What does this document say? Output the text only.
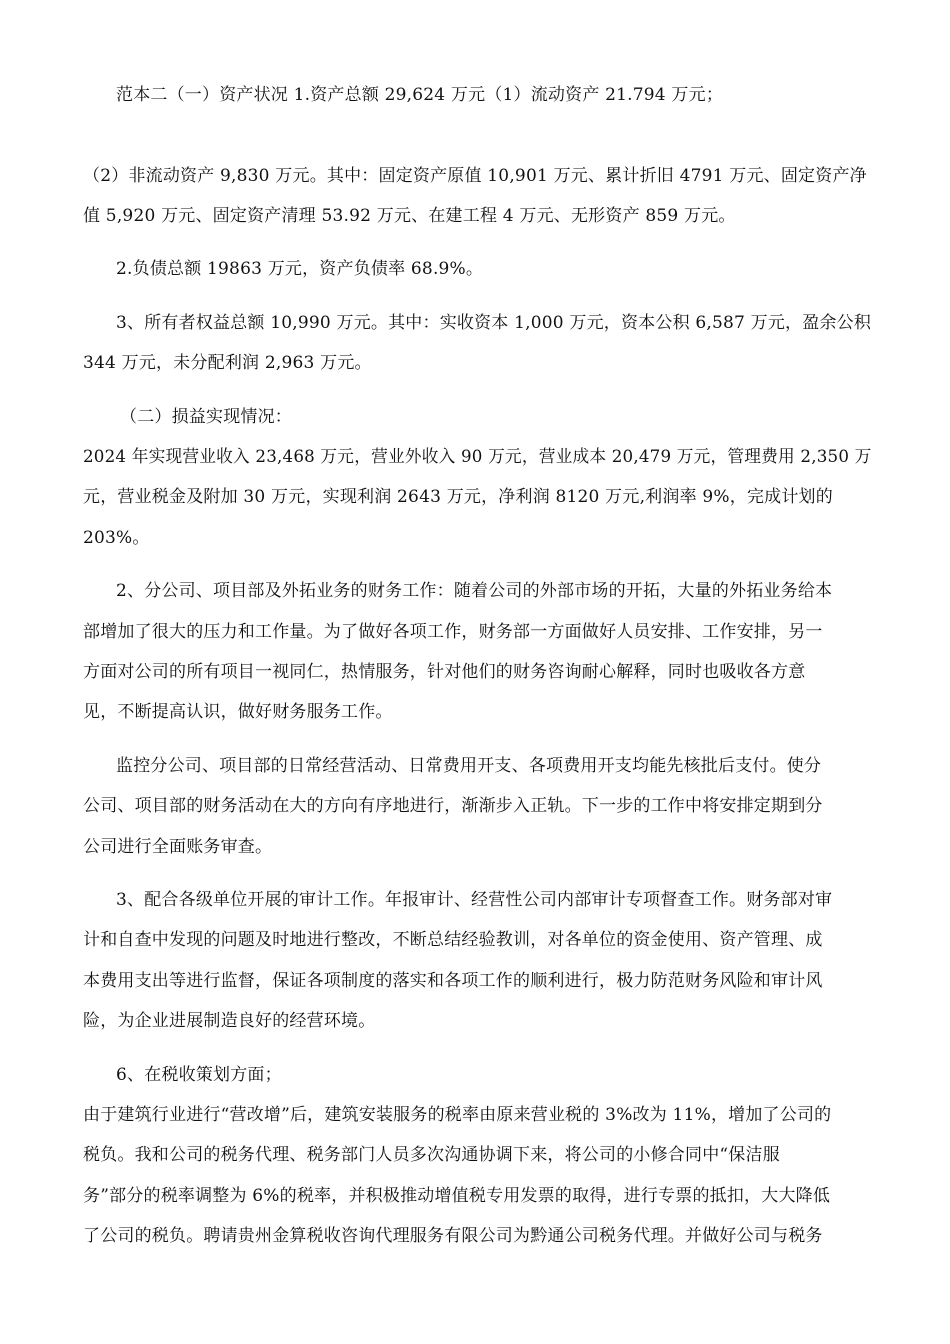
范本二（一）资产状况 1.资产总额 29,624 万元（1）流动资产 21.794 万元；
（2）非流动资产 9,830 万元。其中：固定资产原值 10,901 万元、累计折旧 4791 万元、固定资产净
值 5,920 万元、固定资产清理 53.92 万元、在建工程 4 万元、无形资产 859 万元。
2.负债总额 19863 万元，资产负债率 68.9%。
3、所有者权益总额 10,990 万元。其中：实收资本 1,000 万元，资本公积 6,587 万元，盈余公积
344 万元，未分配利润 2,963 万元。
（二）损益实现情况：
2024 年实现营业收入 23,468 万元，营业外收入 90 万元，营业成本 20,479 万元，管理费用 2,350 万
元，营业税金及附加 30 万元，实现利润 2643 万元，净利润 8120 万元,利润率 9%，完成计划的
203%。
2、分公司、项目部及外拓业务的财务工作：随着公司的外部市场的开拓，大量的外拓业务给本
部增加了很大的压力和工作量。为了做好各项工作，财务部一方面做好人员安排、工作安排，另一
方面对公司的所有项目一视同仁，热情服务，针对他们的财务咨询耐心解释，同时也吸收各方意
见，不断提高认识，做好财务服务工作。
监控分公司、项目部的日常经营活动、日常费用开支、各项费用开支均能先核批后支付。使分
公司、项目部的财务活动在大的方向有序地进行，渐渐步入正轨。下一步的工作中将安排定期到分
公司进行全面账务审查。
3、配合各级单位开展的审计工作。年报审计、经营性公司内部审计专项督查工作。财务部对审
计和自查中发现的问题及时地进行整改，不断总结经验教训，对各单位的资金使用、资产管理、成
本费用支出等进行监督，保证各项制度的落实和各项工作的顺利进行，极力防范财务风险和审计风
险，为企业进展制造良好的经营环境。
6、在税收策划方面；
由于建筑行业进行“营改增”后，建筑安装服务的税率由原来营业税的 3%改为 11%，增加了公司的
税负。我和公司的税务代理、税务部门人员多次沟通协调下来，将公司的小修合同中“保洁服
务”部分的税率调整为 6%的税率，并积极推动增值税专用发票的取得，进行专票的抵扣，大大降低
了公司的税负。聘请贵州金算税收咨询代理服务有限公司为黔通公司税务代理。并做好公司与税务
